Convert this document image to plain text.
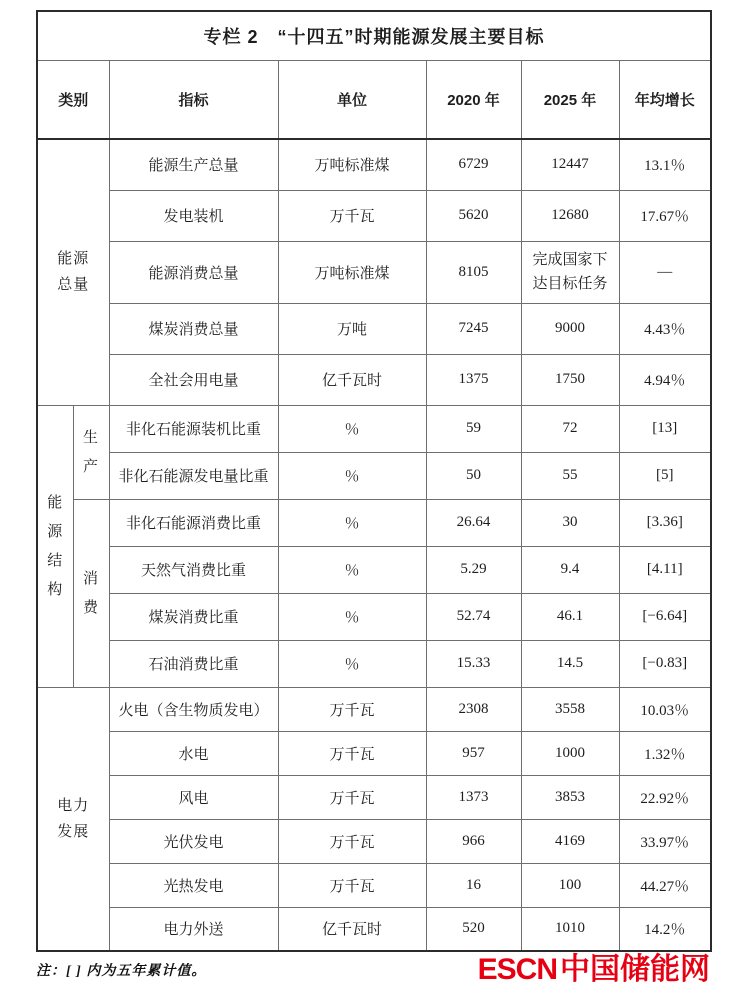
专栏 2　“十四五”时期能源发展主要目标						
类别		指标	单位	2020 年	2025 年	年均增长
能源总量		能源生产总量	万吨标准煤	6729	12447	13.1％
		发电装机	万千瓦	5620	12680	17.67％
		能源消费总量	万吨标准煤	8105	完成国家下达目标任务	—
		煤炭消费总量	万吨	7245	9000	4.43％
		全社会用电量	亿千瓦时	1375	1750	4.94％
能源结构	生产	非化石能源装机比重	％	59	72	[13]
		非化石能源发电量比重	％	50	55	[5]
	消费	非化石能源消费比重	％	26.64	30	[3.36]
		天然气消费比重	％	5.29	9.4	[4.11]
		煤炭消费比重	％	52.74	46.1	[−6.64]
		石油消费比重	％	15.33	14.5	[−0.83]
电力发展		火电（含生物质发电）	万千瓦	2308	3558	10.03％
		水电	万千瓦	957	1000	1.32％
		风电	万千瓦	1373	3853	22.92％
		光伏发电	万千瓦	966	4169	33.97％
		光热发电	万千瓦	16	100	44.27％
		电力外送	亿千瓦时	520	1010	14.2％
注：[ ] 内为五年累计值。	ESCN 中国储能网
